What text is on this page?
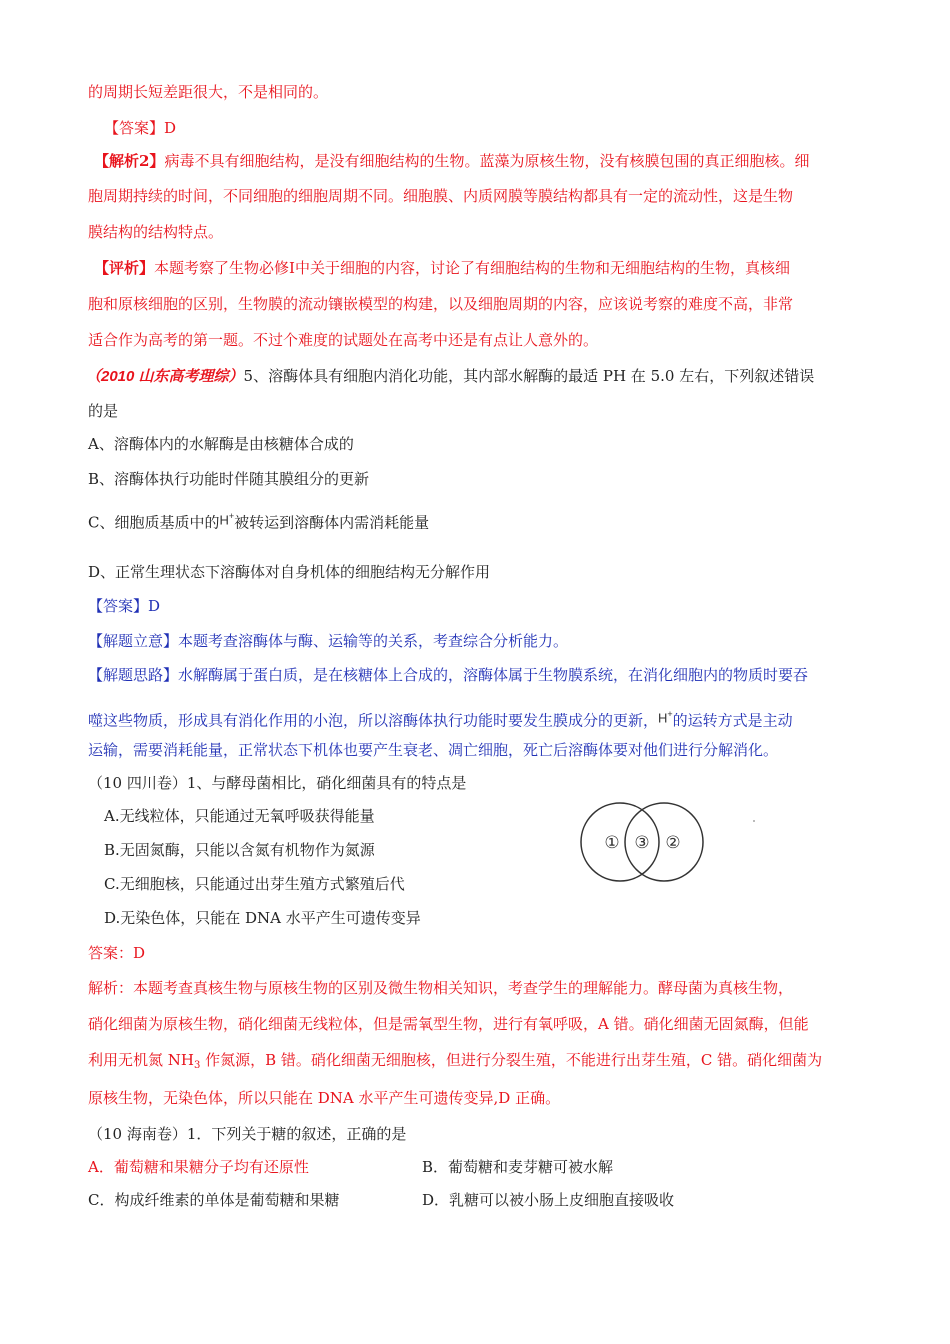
的周期长短差距很大，不是相同的。
【答案】D
【解析2】病毒不具有细胞结构，是没有细胞结构的生物。蓝藻为原核生物，没有核膜包围的真正细胞核。细
胞周期持续的时间，不同细胞的细胞周期不同。细胞膜、内质网膜等膜结构都具有一定的流动性，这是生物
膜结构的结构特点。
【评析】本题考察了生物必修Ⅰ中关于细胞的内容，讨论了有细胞结构的生物和无细胞结构的生物，真核细
胞和原核细胞的区别，生物膜的流动镶嵌模型的构建，以及细胞周期的内容，应该说考察的难度不高，非常
适合作为高考的第一题。不过个难度的试题处在高考中还是有点让人意外的。
（2010 山东高考理综）5、溶酶体具有细胞内消化功能，其内部水解酶的最适 PH 在 5.0 左右，下列叙述错误
的是
A、溶酶体内的水解酶是由核糖体合成的
B、溶酶体执行功能时伴随其膜组分的更新
C、细胞质基质中的H+被转运到溶酶体内需消耗能量
D、正常生理状态下溶酶体对自身机体的细胞结构无分解作用
【答案】D
【解题立意】本题考查溶酶体与酶、运输等的关系，考查综合分析能力。
【解题思路】水解酶属于蛋白质，是在核糖体上合成的，溶酶体属于生物膜系统，在消化细胞内的物质时要吞
噬这些物质，形成具有消化作用的小泡，所以溶酶体执行功能时要发生膜成分的更新，H+的运转方式是主动
运输，需要消耗能量，正常状态下机体也要产生衰老、凋亡细胞，死亡后溶酶体要对他们进行分解消化。
（10 四川卷）1、与酵母菌相比，硝化细菌具有的特点是
A.无线粒体，只能通过无氧呼吸获得能量
B.无固氮酶，只能以含氮有机物作为氮源
C.无细胞核，只能通过出芽生殖方式繁殖后代
D.无染色体，只能在 DNA 水平产生可遗传变异
① ③ ②
答案：D
解析：本题考查真核生物与原核生物的区别及微生物相关知识，考查学生的理解能力。酵母菌为真核生物，
硝化细菌为原核生物，硝化细菌无线粒体，但是需氧型生物，进行有氧呼吸，A 错。硝化细菌无固氮酶，但能
利用无机氮 $NH_3$ 作氮源，B 错。硝化细菌无细胞核，但进行分裂生殖，不能进行出芽生殖，C 错。硝化细菌为
原核生物，无染色体，所以只能在 DNA 水平产生可遗传变异,D 正确。
（10 海南卷）1．下列关于糖的叙述，正确的是
A．葡萄糖和果糖分子均有还原性	B．葡萄糖和麦芽糖可被水解
C．构成纤维素的单体是葡萄糖和果糖	D．乳糖可以被小肠上皮细胞直接吸收
